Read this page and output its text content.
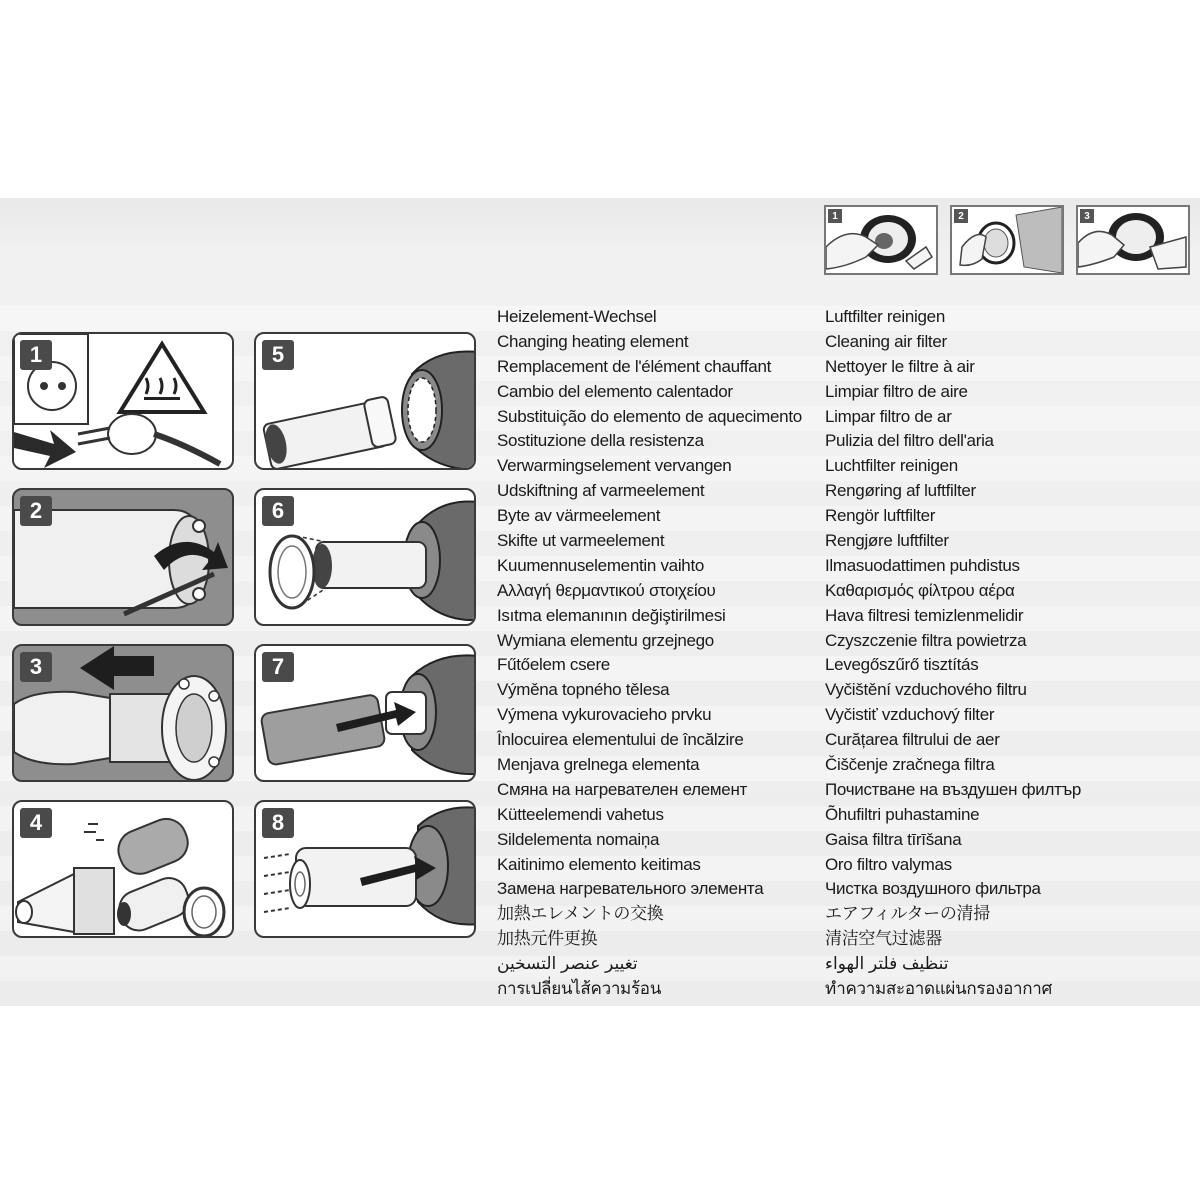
1	2	3
1
2
3
4
5
6
7
8
Heizelement-Wechsel
Changing heating element
Remplacement de l'élément chauffant
Cambio del elemento calentador
Substituição do elemento de aquecimento
Sostituzione della resistenza
Verwarmingselement vervangen
Udskiftning af varmeelement
Byte av värmeelement
Skifte ut varmeelement
Kuumennuselementin vaihto
Αλλαγή θερμαντικού στοιχείου
Isıtma elemanının değiştirilmesi
Wymiana elementu grzejnego
Fűtőelem csere
Výměna topného tělesa
Výmena vykurovacieho prvku
Înlocuirea elementului de încălzire
Menjava grelnega elementa
Смяна на нагревателен елемент
Kütteelemendi vahetus
Sildelementa nomaiņa
Kaitinimo elemento keitimas
Замена нагревательного элемента
加熱エレメントの交換
加热元件更换
تغيير عنصر التسخين
การเปลี่ยนไส้ความร้อน
Luftfilter reinigen
Cleaning air filter
Nettoyer le filtre à air
Limpiar filtro de aire
Limpar filtro de ar
Pulizia del filtro dell'aria
Luchtfilter reinigen
Rengøring af luftfilter
Rengör luftfilter
Rengjøre luftfilter
Ilmasuodattimen puhdistus
Καθαρισμός φίλτρου αέρα
Hava filtresi temizlenmelidir
Czyszczenie filtra powietrza
Levegőszűrő tisztítás
Vyčištění vzduchového filtru
Vyčistiť vzduchový filter
Curățarea filtrului de aer
Čiščenje zračnega filtra
Почистване на въздушен филтър
Õhufiltri puhastamine
Gaisa filtra tīrīšana
Oro filtro valymas
Чистка воздушного фильтра
エアフィルターの清掃
清洁空气过滤器
تنظيف فلتر الهواء
ทำความสะอาดแผ่นกรองอากาศ
